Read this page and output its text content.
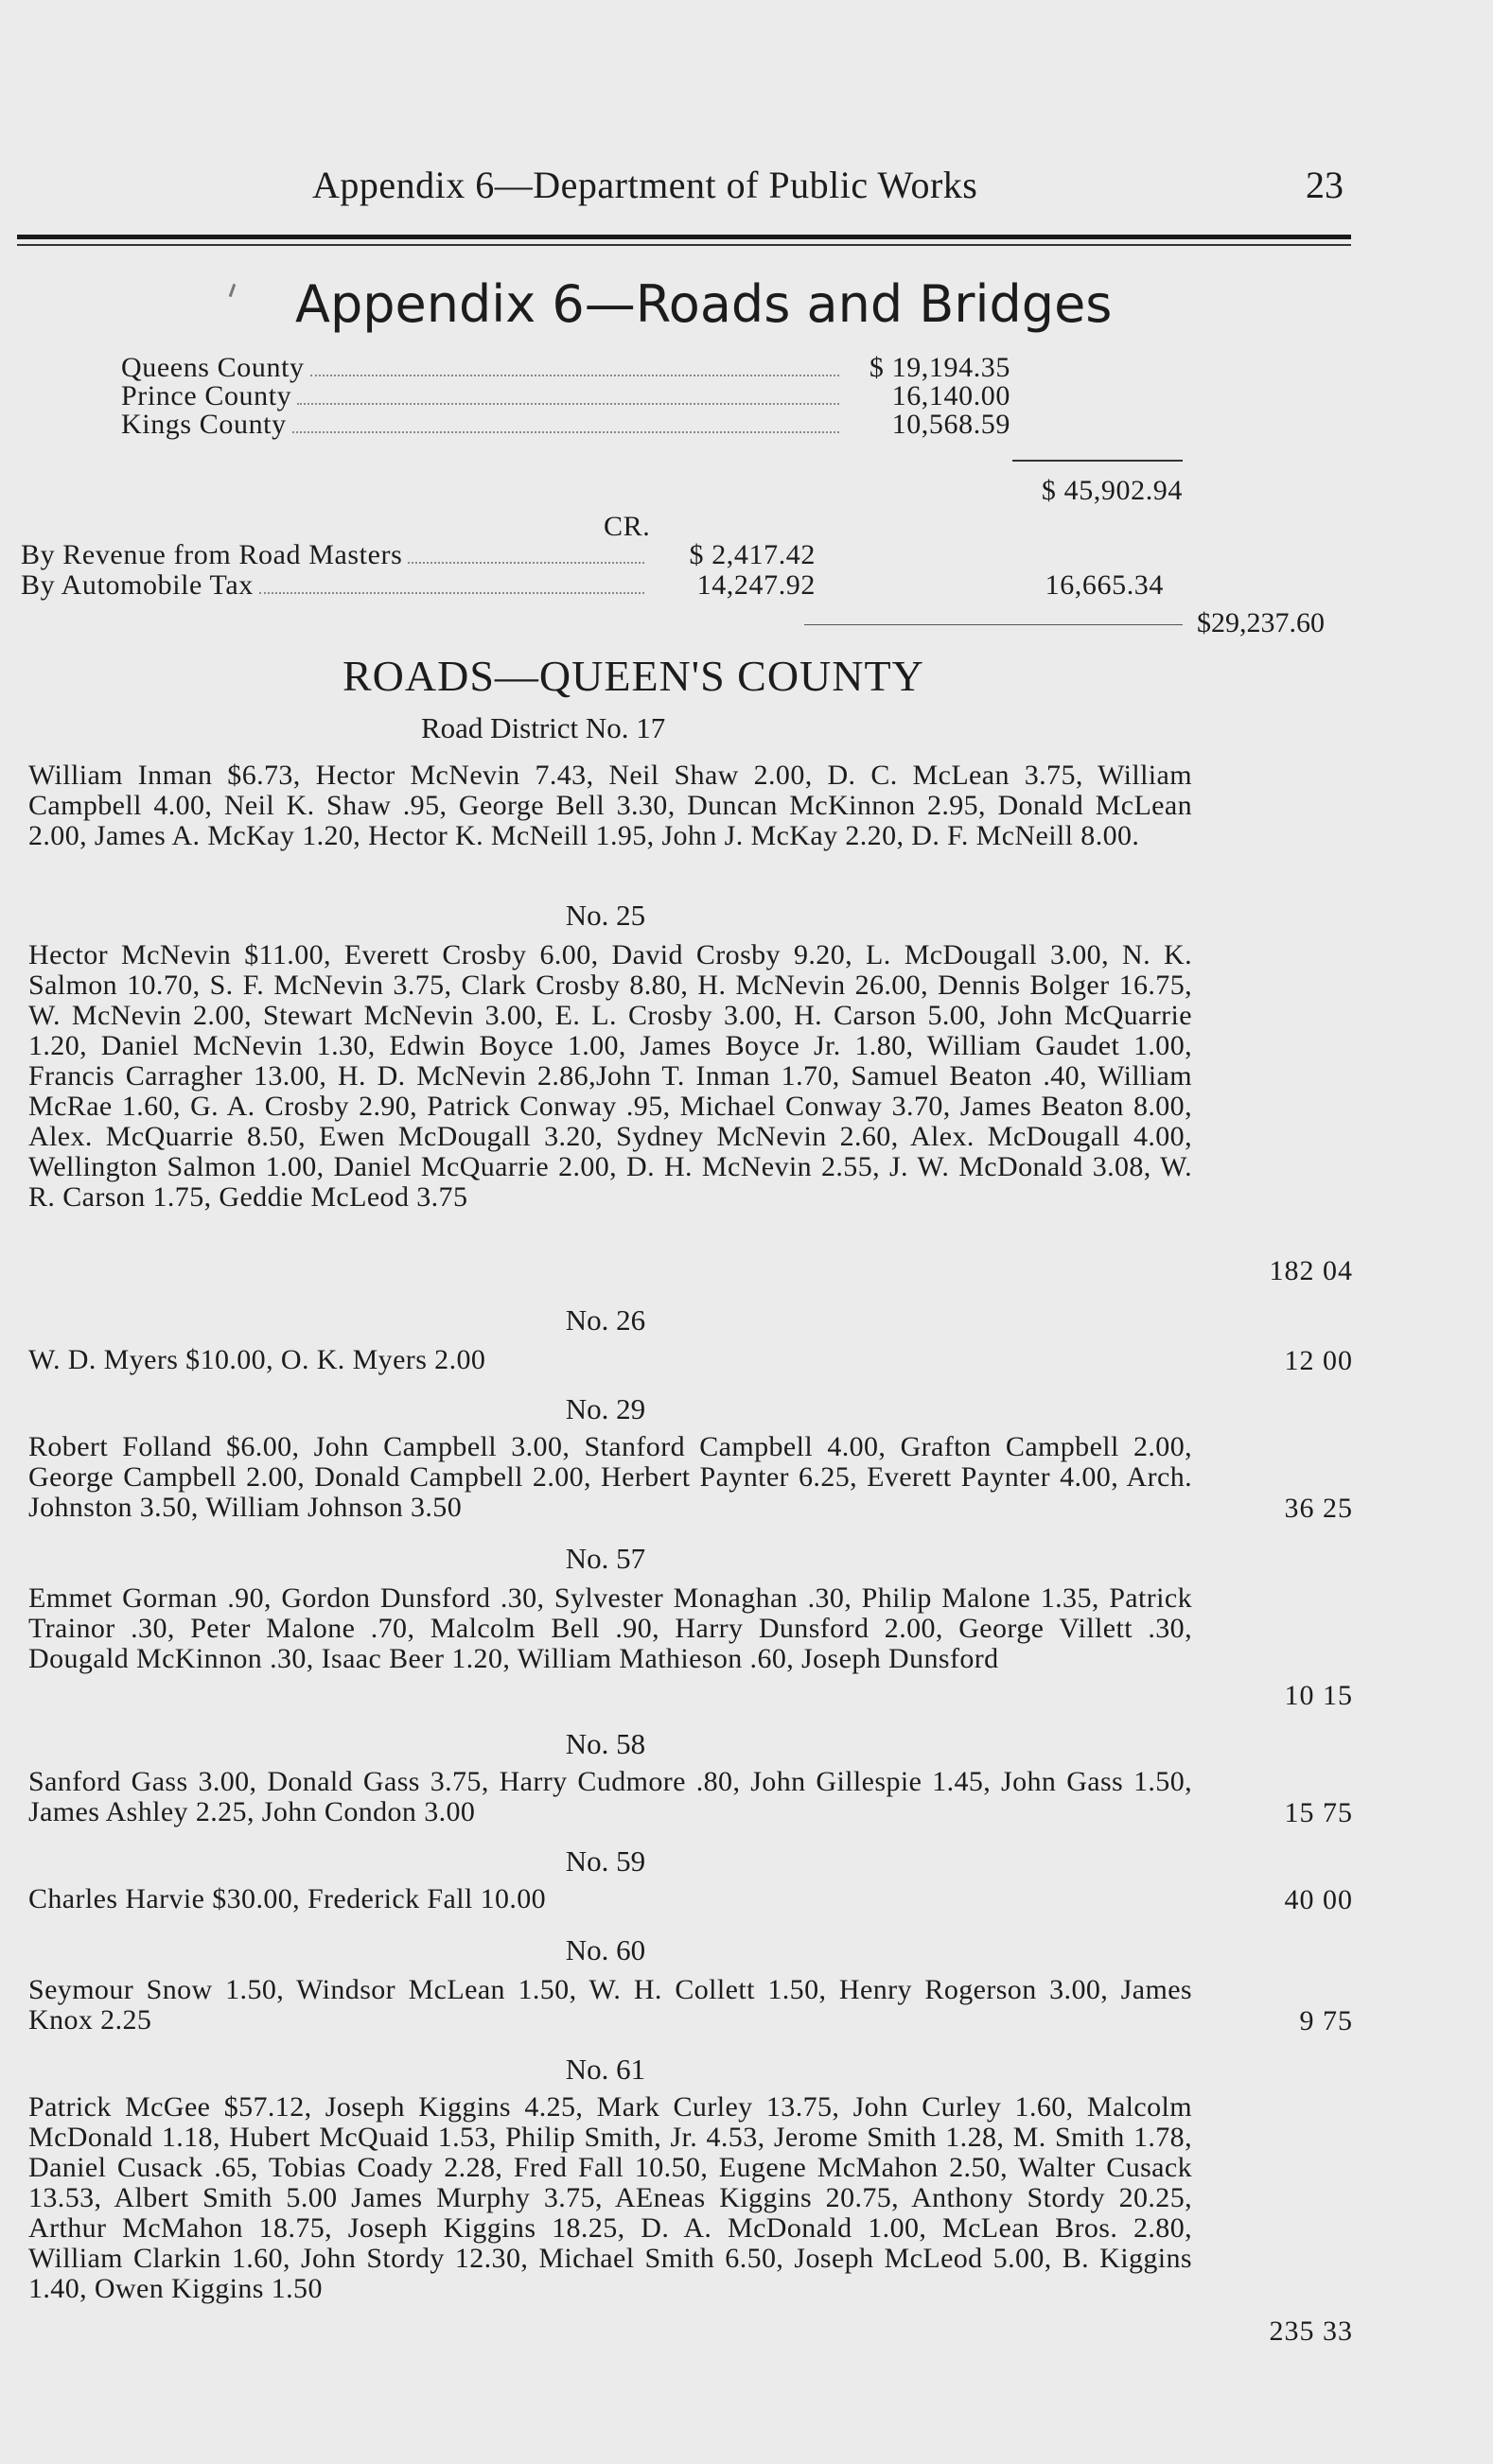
Appendix 6—Department of Public Works	23
Appendix 6—Roads and Bridges
Queens County	$ 19,194.35
Prince County	16,140.00
Kings County	10,568.59
$ 45,902.94
CR.
By Revenue from Road Masters	$ 2,417.42
By Automobile Tax	14,247.92	16,665.34
$29,237.60
ROADS—QUEEN'S COUNTY
Road District No. 17
William Inman $6.73, Hector McNevin 7.43, Neil Shaw 2.00, D. C. McLean 3.75, William Campbell 4.00, Neil K. Shaw .95, George Bell 3.30, Duncan McKinnon 2.95, Donald McLean 2.00, James A. McKay 1.20, Hector K. McNeill 1.95, John J. McKay 2.20, D. F. McNeill 8.00.
No. 25
Hector McNevin $11.00, Everett Crosby 6.00, David Crosby 9.20, L. McDougall 3.00, N. K. Salmon 10.70, S. F. McNevin 3.75, Clark Crosby 8.80, H. McNevin 26.00, Dennis Bolger 16.75, W. McNevin 2.00, Stewart McNevin 3.00, E. L. Crosby 3.00, H. Carson 5.00, John McQuarrie 1.20, Daniel McNevin 1.30, Edwin Boyce 1.00, James Boyce Jr. 1.80, William Gaudet 1.00, Francis Carragher 13.00, H. D. McNevin 2.86,John T. Inman 1.70, Samuel Beaton .40, William McRae 1.60, G. A. Crosby 2.90, Patrick Conway .95, Michael Conway 3.70, James Beaton 8.00, Alex. McQuarrie 8.50, Ewen McDougall 3.20, Sydney McNevin 2.60, Alex. McDougall 4.00, Wellington Salmon 1.00, Daniel McQuarrie 2.00, D. H. McNevin 2.55, J. W. McDonald 3.08, W. R. Carson 1.75, Geddie McLeod 3.75
182 04
No. 26
W. D. Myers $10.00, O. K. Myers 2.00	12 00
No. 29
Robert Folland $6.00, John Campbell 3.00, Stanford Campbell 4.00, Grafton Campbell 2.00, George Campbell 2.00, Donald Campbell 2.00, Herbert Paynter 6.25, Everett Paynter 4.00, Arch. Johnston 3.50, William Johnson 3.50	36 25
No. 57
Emmet Gorman .90, Gordon Dunsford .30, Sylvester Monaghan .30, Philip Malone 1.35, Patrick Trainor .30, Peter Malone .70, Malcolm Bell .90, Harry Dunsford 2.00, George Villett .30, Dougald McKinnon .30, Isaac Beer 1.20, William Mathieson .60, Joseph Dunsford
10 15
No. 58
Sanford Gass 3.00, Donald Gass 3.75, Harry Cudmore .80, John Gillespie 1.45, John Gass 1.50, James Ashley 2.25, John Condon 3.00	15 75
No. 59
Charles Harvie $30.00, Frederick Fall 10.00	40 00
No. 60
Seymour Snow 1.50, Windsor McLean 1.50, W. H. Collett 1.50, Henry Rogerson 3.00, James Knox 2.25	9 75
No. 61
Patrick McGee $57.12, Joseph Kiggins 4.25, Mark Curley 13.75, John Curley 1.60, Malcolm McDonald 1.18, Hubert McQuaid 1.53, Philip Smith, Jr. 4.53, Jerome Smith 1.28, M. Smith 1.78, Daniel Cusack .65, Tobias Coady 2.28, Fred Fall 10.50, Eugene McMahon 2.50, Walter Cusack 13.53, Albert Smith 5.00 James Murphy 3.75, AEneas Kiggins 20.75, Anthony Stordy 20.25, Arthur McMahon 18.75, Joseph Kiggins 18.25, D. A. McDonald 1.00, McLean Bros. 2.80, William Clarkin 1.60, John Stordy 12.30, Michael Smith 6.50, Joseph McLeod 5.00, B. Kiggins 1.40, Owen Kiggins 1.50
235 33
